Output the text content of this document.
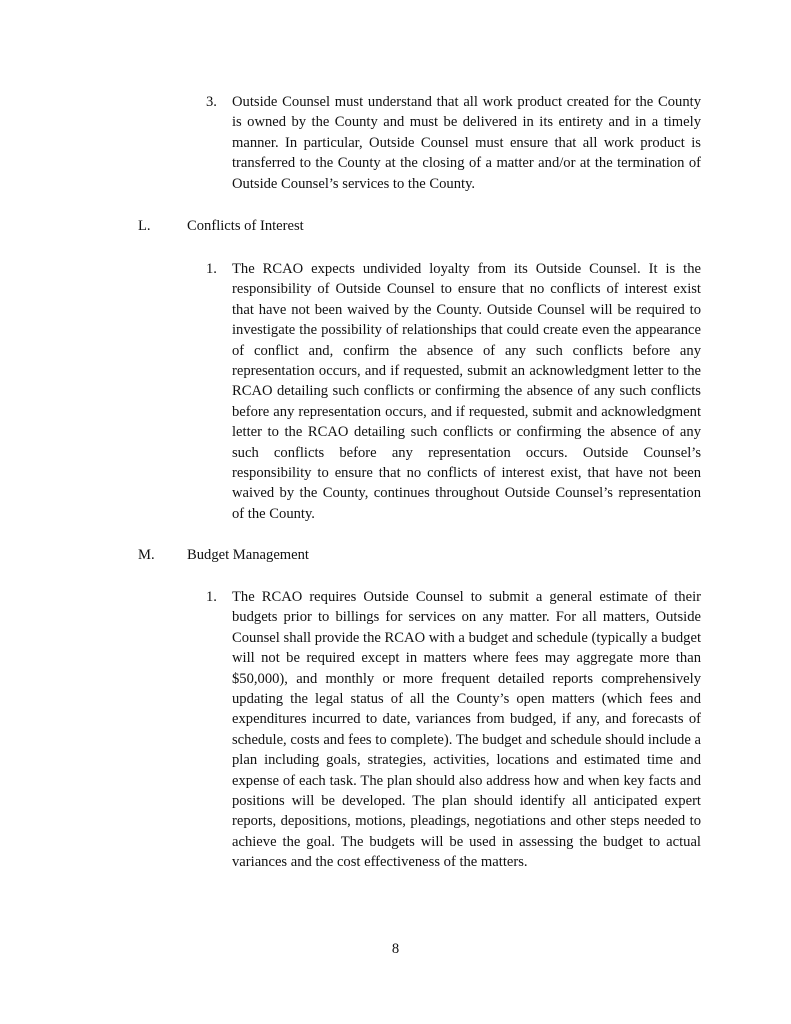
3. Outside Counsel must understand that all work product created for the County is owned by the County and must be delivered in its entirety and in a timely manner. In particular, Outside Counsel must ensure that all work product is transferred to the County at the closing of a matter and/or at the termination of Outside Counsel’s services to the County.
L. Conflicts of Interest
1. The RCAO expects undivided loyalty from its Outside Counsel. It is the responsibility of Outside Counsel to ensure that no conflicts of interest exist that have not been waived by the County. Outside Counsel will be required to investigate the possibility of relationships that could create even the appearance of conflict and, confirm the absence of any such conflicts before any representation occurs, and if requested, submit an acknowledgment letter to the RCAO detailing such conflicts or confirming the absence of any such conflicts before any representation occurs, and if requested, submit and acknowledgment letter to the RCAO detailing such conflicts or confirming the absence of any such conflicts before any representation occurs. Outside Counsel’s responsibility to ensure that no conflicts of interest exist, that have not been waived by the County, continues throughout Outside Counsel’s representation of the County.
M. Budget Management
1. The RCAO requires Outside Counsel to submit a general estimate of their budgets prior to billings for services on any matter. For all matters, Outside Counsel shall provide the RCAO with a budget and schedule (typically a budget will not be required except in matters where fees may aggregate more than $50,000), and monthly or more frequent detailed reports comprehensively updating the legal status of all the County’s open matters (which fees and expenditures incurred to date, variances from budged, if any, and forecasts of schedule, costs and fees to complete). The budget and schedule should include a plan including goals, strategies, activities, locations and estimated time and expense of each task. The plan should also address how and when key facts and positions will be developed. The plan should identify all anticipated expert reports, depositions, motions, pleadings, negotiations and other steps needed to achieve the goal. The budgets will be used in assessing the budget to actual variances and the cost effectiveness of the matters.
8
